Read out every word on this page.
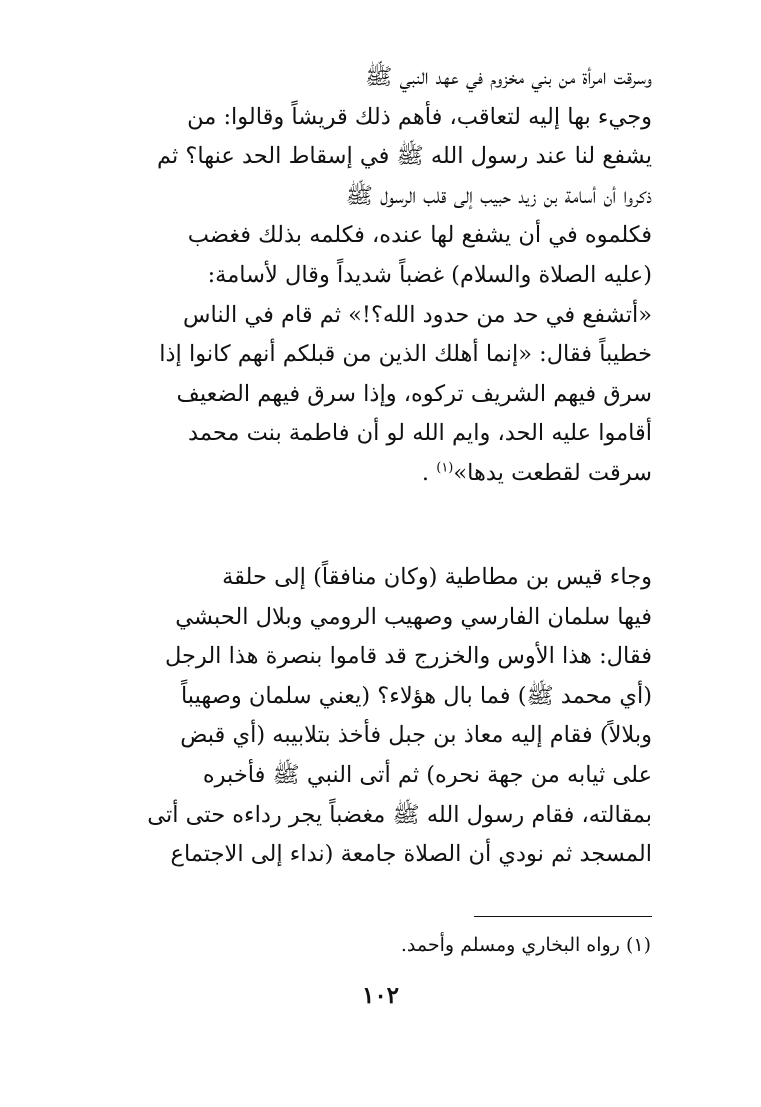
وسرقت امرأة من بني مخزوم في عهد النبي ﷺ
وجيء بها إليه لتعاقب، فأهم ذلك قريشاً وقالوا: من
يشفع لنا عند رسول الله ﷺ في إسقاط الحد عنها؟ ثم
ذكروا أن أسامة بن زيد حبيب إلى قلب الرسول ﷺ
فكلموه في أن يشفع لها عنده، فكلمه بذلك فغضب
(عليه الصلاة والسلام) غضباً شديداً وقال لأسامة:
«أتشفع في حد من حدود الله؟!» ثم قام في الناس
خطيباً فقال: «إنما أهلك الذين من قبلكم أنهم كانوا إذا
سرق فيهم الشريف تركوه، وإذا سرق فيهم الضعيف
أقاموا عليه الحد، وايم الله لو أن فاطمة بنت محمد
سرقت لقطعت يدها»$^{(١)}$ .

وجاء قيس بن مطاطية (وكان منافقاً) إلى حلقة
فيها سلمان الفارسي وصهيب الرومي وبلال الحبشي
فقال: هذا الأوس والخزرج قد قاموا بنصرة هذا الرجل
(أي محمد ﷺ) فما بال هؤلاء؟ (يعني سلمان وصهيباً
وبلالاً) فقام إليه معاذ بن جبل فأخذ بتلابيبه (أي قبض
على ثيابه من جهة نحره) ثم أتى النبي ﷺ فأخبره
بمقالته، فقام رسول الله ﷺ مغضباً يجر رداءه حتى أتى
المسجد ثم نودي أن الصلاة جامعة (نداء إلى الاجتماع

(١) رواه البخاري ومسلم وأحمد.
١٠٢
